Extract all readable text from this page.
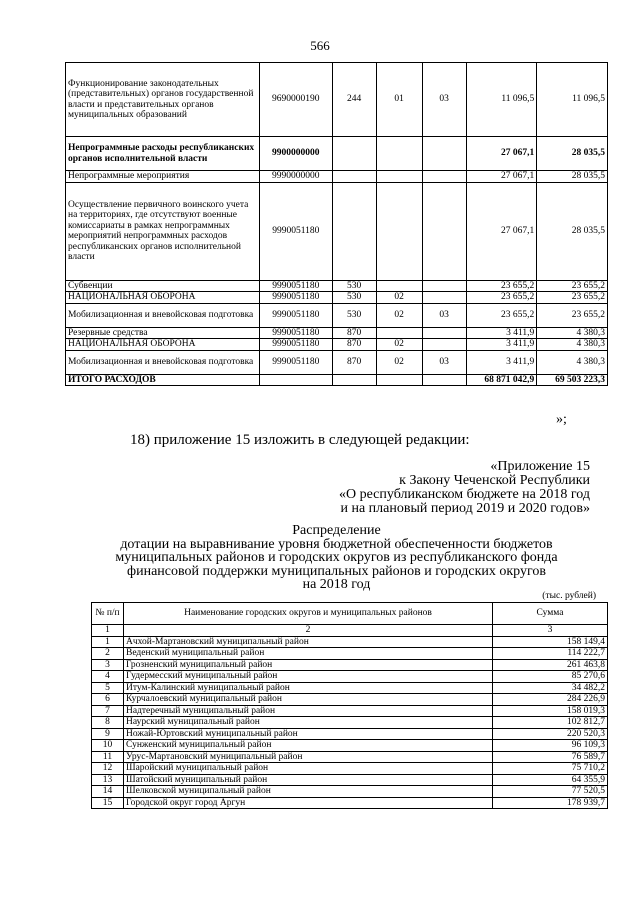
566
Функционирование законодательных (представительных) органов государственной власти и представительных органов муниципальных образований	9690000190	244	01	03	11 096,5	11 096,5
Непрограммные расходы республиканских органов исполнительной власти	9900000000				27 067,1	28 035,5
Непрограммные мероприятия	9990000000				27 067,1	28 035,5
Осуществление первичного воинского учета на территориях, где отсутствуют военные комиссариаты в рамках непрограммных мероприятий непрограммных расходов республиканских органов исполнительной власти	9990051180				27 067,1	28 035,5
Субвенции	9990051180	530			23 655,2	23 655,2
НАЦИОНАЛЬНАЯ ОБОРОНА	9990051180	530	02		23 655,2	23 655,2
Мобилизационная и вневойсковая подготовка	9990051180	530	02	03	23 655,2	23 655,2
Резервные средства	9990051180	870			3 411,9	4 380,3
НАЦИОНАЛЬНАЯ ОБОРОНА	9990051180	870	02		3 411,9	4 380,3
Мобилизационная и вневойсковая подготовка	9990051180	870	02	03	3 411,9	4 380,3
ИТОГО РАСХОДОВ					68 871 042,9	69 503 223,3
»;
18) приложение 15 изложить в следующей редакции:
«Приложение 15
к Закону Чеченской Республики
«О республиканском бюджете на 2018 год
и на плановый период 2019 и 2020 годов»
Распределение
дотации на выравнивание уровня бюджетной обеспеченности бюджетов
муниципальных районов и городских округов из республиканского фонда
финансовой поддержки муниципальных районов и городских округов
на 2018 год
(тыс. рублей)
№ п/п	Наименование городских округов и муниципальных районов	Сумма
1	2	3
1	Ачхой-Мартановский муниципальный район	158 149,4
2	Веденский муниципальный район	114 222,7
3	Грозненский муниципальный район	261 463,8
4	Гудермесский муниципальный район	85 270,6
5	Итум-Калинский муниципальный район	34 482,2
6	Курчалоевский муниципальный район	284 226,9
7	Надтеречный муниципальный район	158 019,3
8	Наурский муниципальный район	102 812,7
9	Ножай-Юртовский муниципальный район	220 520,3
10	Сунженский муниципальный район	96 109,3
11	Урус-Мартановский муниципальный район	76 589,7
12	Шаройский муниципальный район	75 710,2
13	Шатойский муниципальный район	64 355,9
14	Шелковской муниципальный район	77 520,5
15	Городской округ город Аргун	178 939,7
